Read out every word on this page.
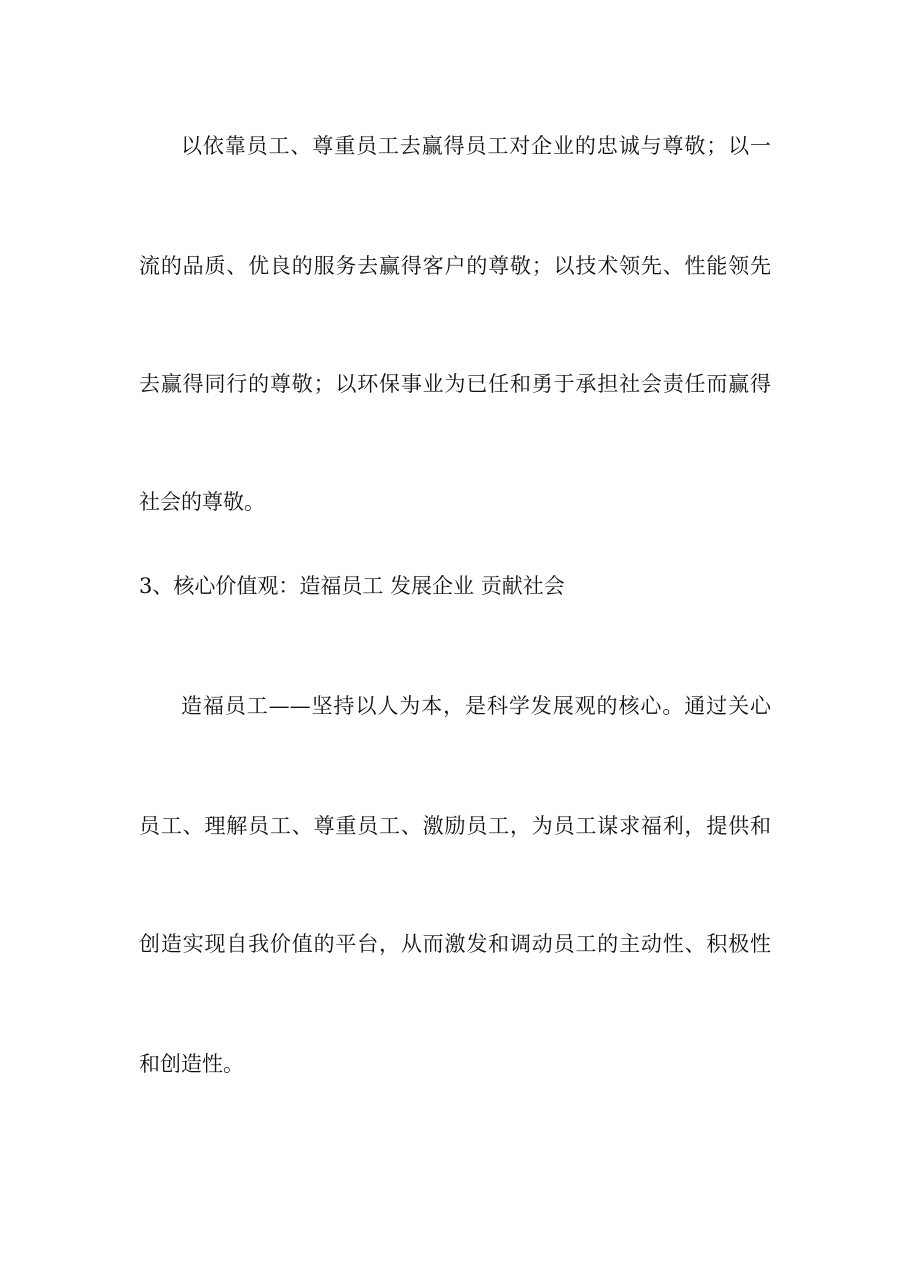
以依靠员工、尊重员工去赢得员工对企业的忠诚与尊敬；以一
流的品质、优良的服务去赢得客户的尊敬；以技术领先、性能领先
去赢得同行的尊敬；以环保事业为已任和勇于承担社会责任而赢得
社会的尊敬。
3、核心价值观：造福员工 发展企业 贡献社会
造福员工——坚持以人为本，是科学发展观的核心。通过关心
员工、理解员工、尊重员工、激励员工，为员工谋求福利，提供和
创造实现自我价值的平台，从而激发和调动员工的主动性、积极性
和创造性。
